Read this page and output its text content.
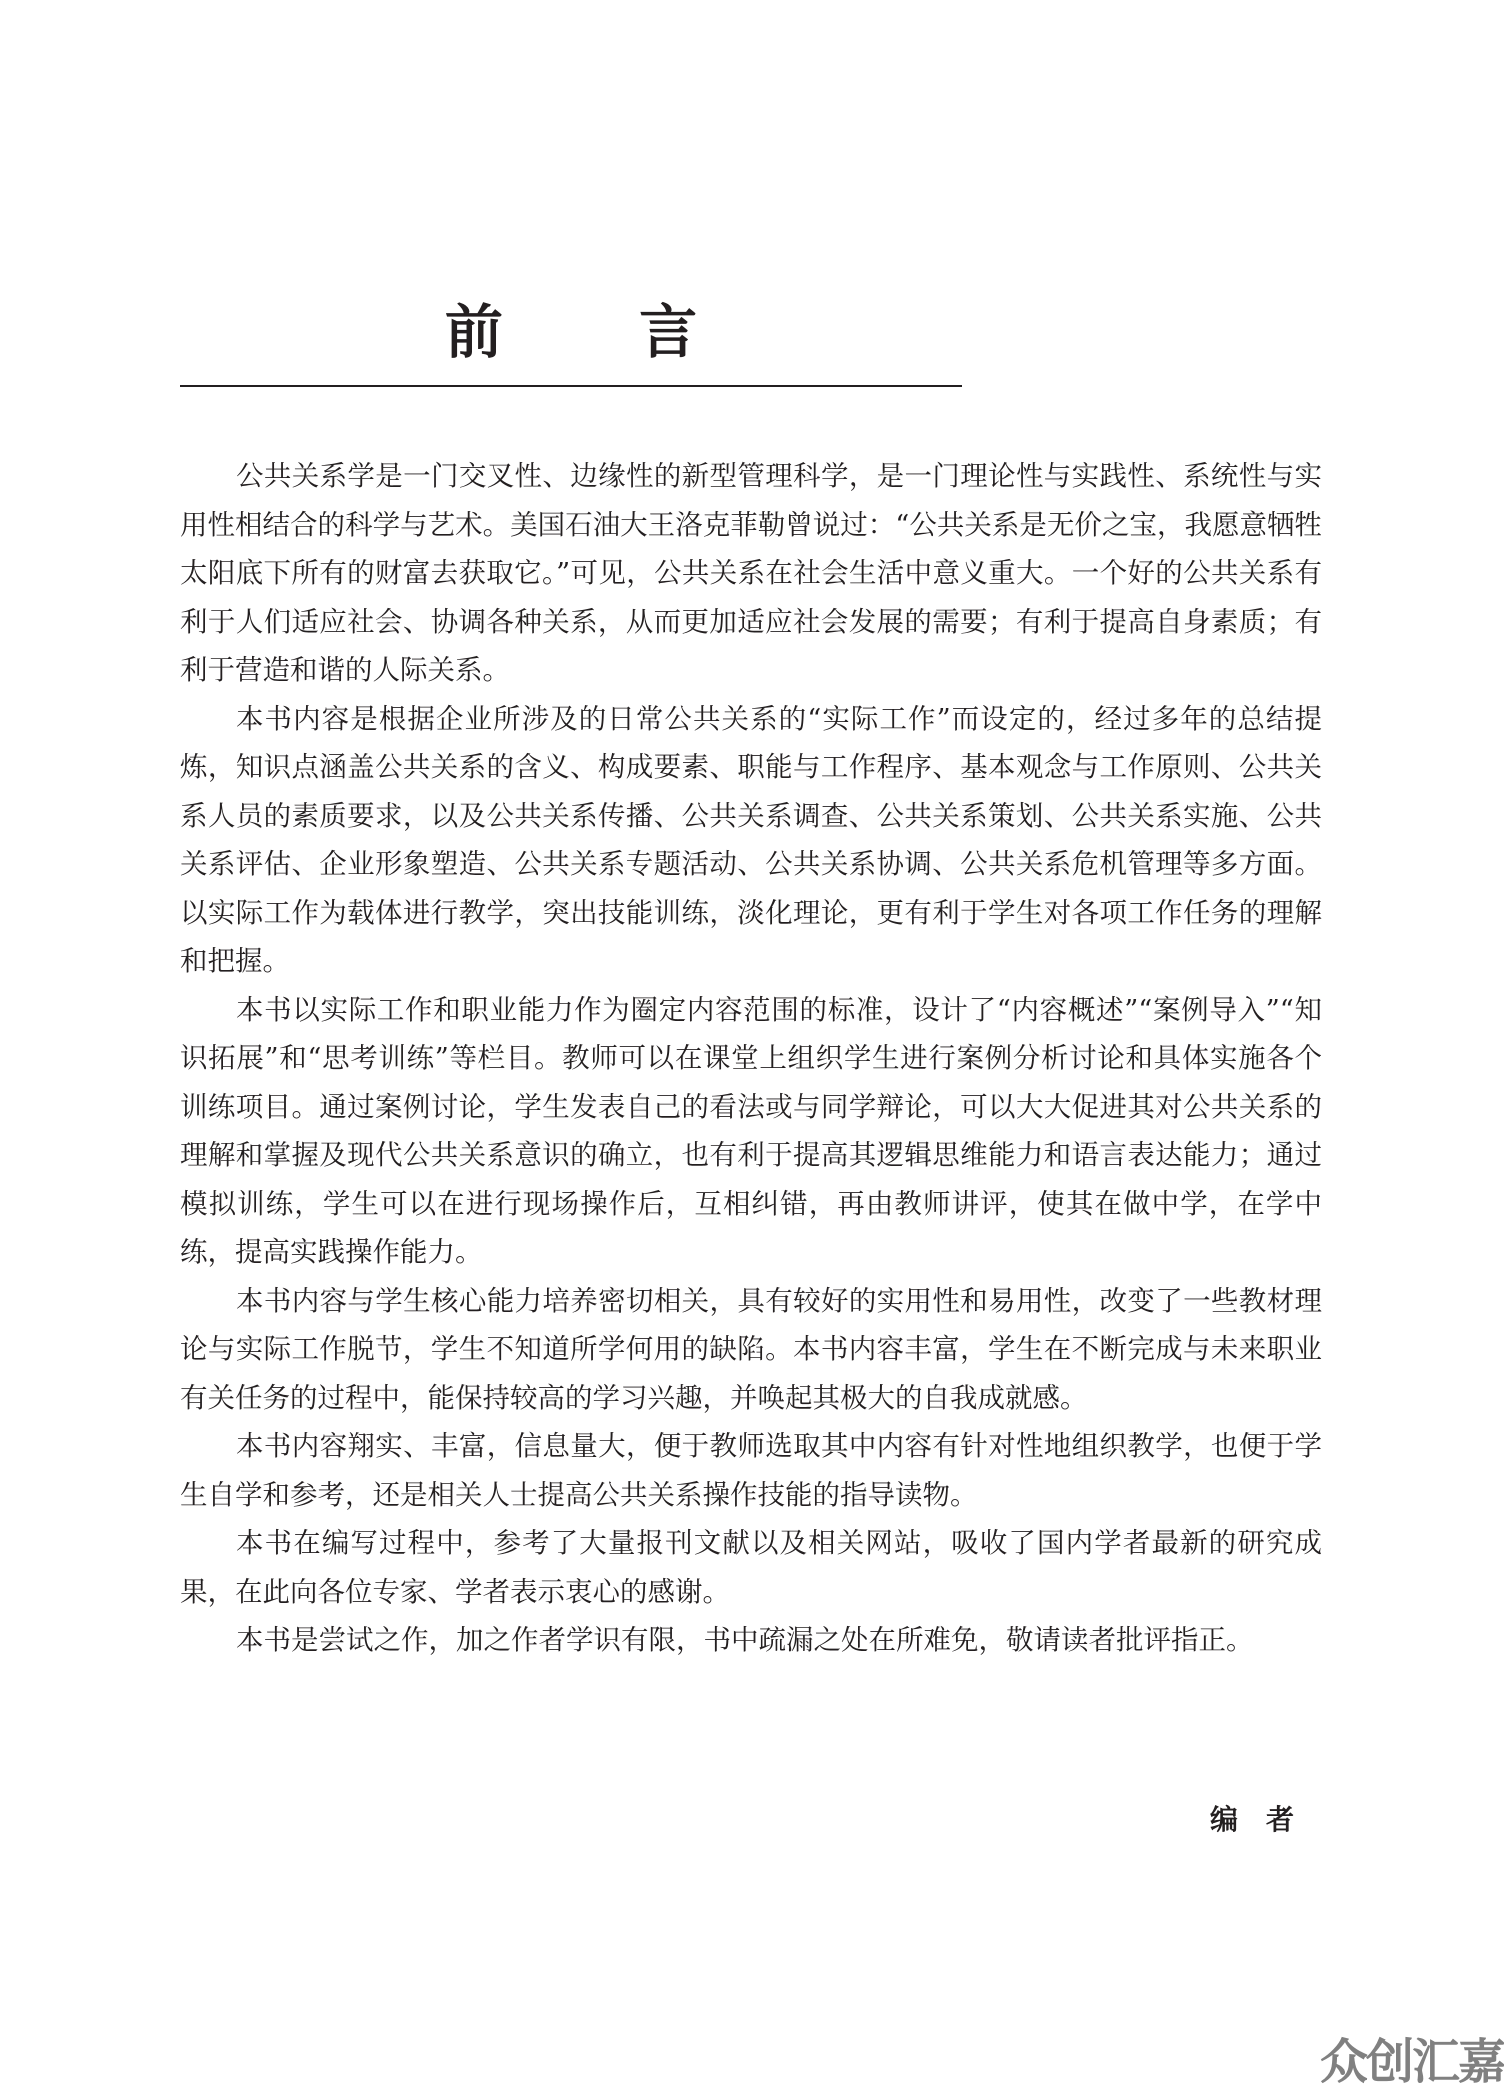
前 言

公共关系学是一门交叉性、边缘性的新型管理科学，是一门理论性与实践性、系统性与实用性相结合的科学与艺术。美国石油大王洛克菲勒曾说过：“公共关系是无价之宝，我愿意牺牲太阳底下所有的财富去获取它。”可见，公共关系在社会生活中意义重大。一个好的公共关系有利于人们适应社会、协调各种关系，从而更加适应社会发展的需要；有利于提高自身素质；有利于营造和谐的人际关系。

本书内容是根据企业所涉及的日常公共关系的“实际工作”而设定的，经过多年的总结提炼，知识点涵盖公共关系的含义、构成要素、职能与工作程序、基本观念与工作原则、公共关系人员的素质要求，以及公共关系传播、公共关系调查、公共关系策划、公共关系实施、公共关系评估、企业形象塑造、公共关系专题活动、公共关系协调、公共关系危机管理等多方面。以实际工作为载体进行教学，突出技能训练，淡化理论，更有利于学生对各项工作任务的理解和把握。

本书以实际工作和职业能力作为圈定内容范围的标准，设计了“内容概述”“案例导入”“知识拓展”和“思考训练”等栏目。教师可以在课堂上组织学生进行案例分析讨论和具体实施各个训练项目。通过案例讨论，学生发表自己的看法或与同学辩论，可以大大促进其对公共关系的理解和掌握及现代公共关系意识的确立，也有利于提高其逻辑思维能力和语言表达能力；通过模拟训练，学生可以在进行现场操作后，互相纠错，再由教师讲评，使其在做中学，在学中练，提高实践操作能力。

本书内容与学生核心能力培养密切相关，具有较好的实用性和易用性，改变了一些教材理论与实际工作脱节，学生不知道所学何用的缺陷。本书内容丰富，学生在不断完成与未来职业有关任务的过程中，能保持较高的学习兴趣，并唤起其极大的自我成就感。

本书内容翔实、丰富，信息量大，便于教师选取其中内容有针对性地组织教学，也便于学生自学和参考，还是相关人士提高公共关系操作技能的指导读物。

本书在编写过程中，参考了大量报刊文献以及相关网站，吸收了国内学者最新的研究成果，在此向各位专家、学者表示衷心的感谢。

本书是尝试之作，加之作者学识有限，书中疏漏之处在所难免，敬请读者批评指正。

编者
众创汇嘉
